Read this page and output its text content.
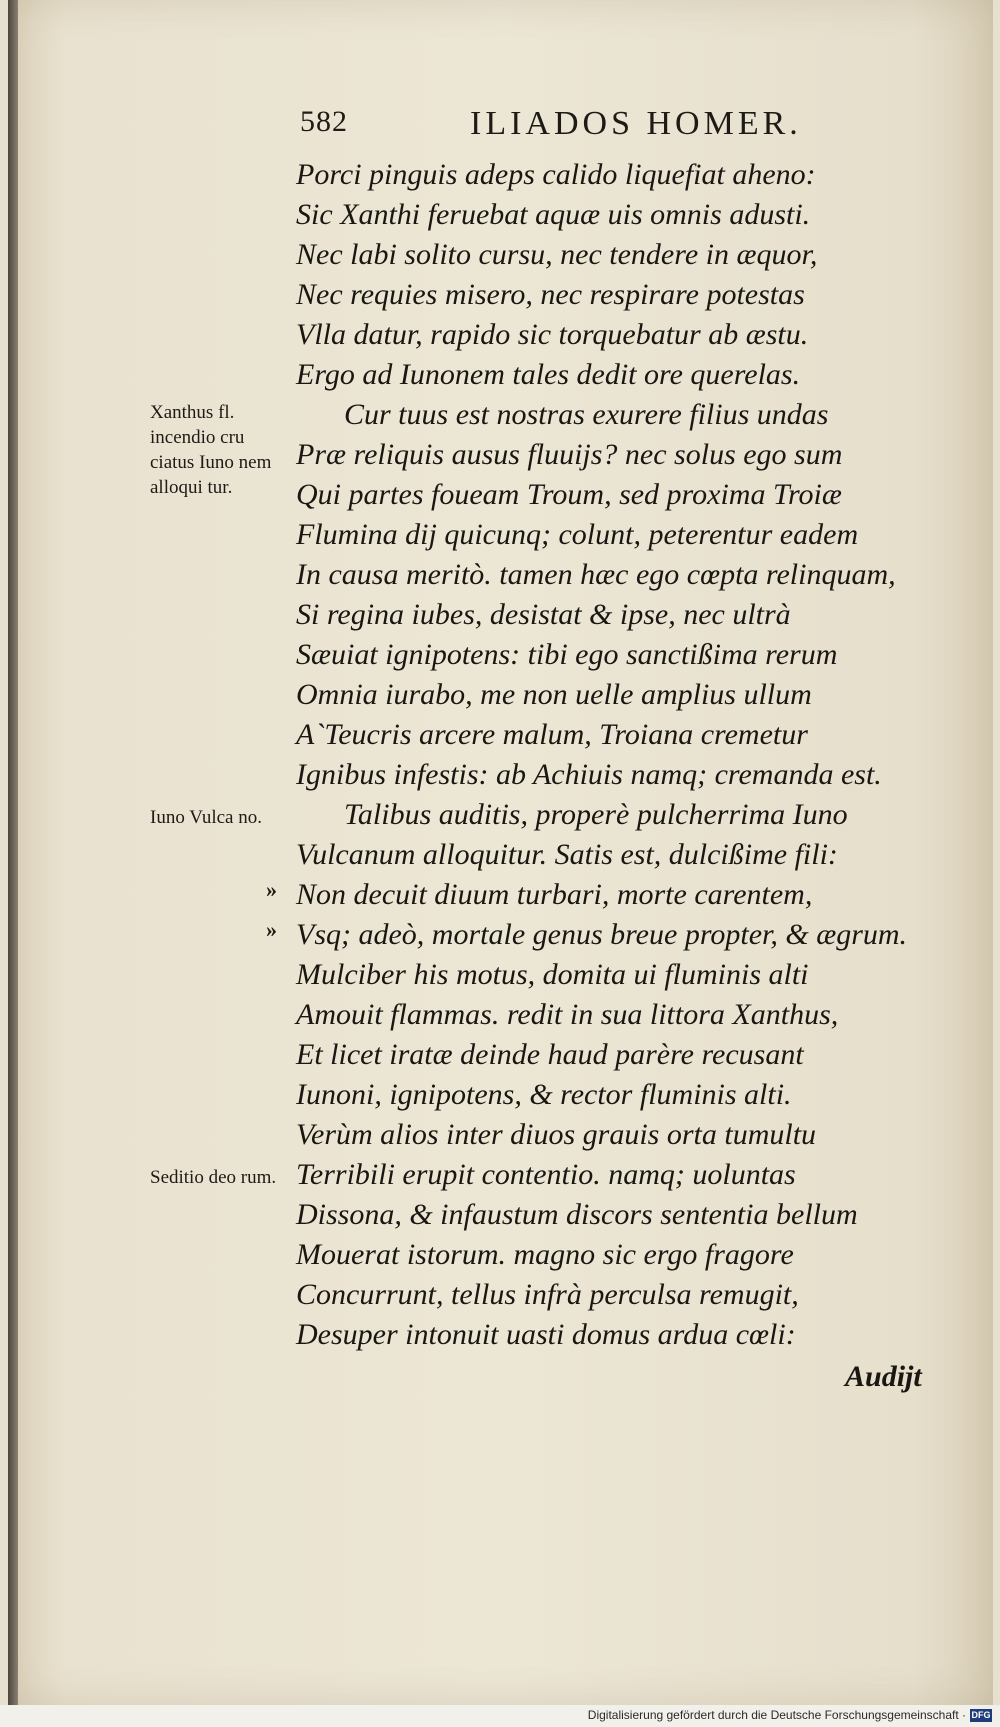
582	ILIADOS HOMER.
Xanthus fl. incendio cru ciatus Iuno nem alloqui tur.
Iuno Vulca no.
Seditio deo rum.
»
»
Porci pinguis adeps calido liquefiat aheno:
Sic Xanthi feruebat aquæ uis omnis adusti.
Nec labi solito cursu, nec tendere in æquor,
Nec requies misero, nec respirare potestas
Vlla datur, rapido sic torquebatur ab æstu.
Ergo ad Iunonem tales dedit ore querelas.
Cur tuus est nostras exurere filius undas
Præ reliquis ausus fluuijs? nec solus ego sum
Qui partes foueam Troum, sed proxima Troiæ
Flumina dij quicunq; colunt, peterentur eadem
In causa meritò. tamen hæc ego cœpta relinquam,
Si regina iubes, desistat & ipse, nec ultrà
Sæuiat ignipotens: tibi ego sanctißima rerum
Omnia iurabo, me non uelle amplius ullum
A`Teucris arcere malum, Troiana cremetur
Ignibus infestis: ab Achiuis namq; cremanda est.
Talibus auditis, properè pulcherrima Iuno
Vulcanum alloquitur. Satis est, dulcißime fili:
Non decuit diuum turbari, morte carentem,
Vsq; adeò, mortale genus breue propter, & ægrum.
Mulciber his motus, domita ui fluminis alti
Amouit flammas. redit in sua littora Xanthus,
Et licet iratæ deinde haud parère recusant
Iunoni, ignipotens, & rector fluminis alti.
Verùm alios inter diuos grauis orta tumultu
Terribili erupit contentio. namq; uoluntas
Dissona, & infaustum discors sententia bellum
Mouerat istorum. magno sic ergo fragore
Concurrunt, tellus infrà perculsa remugit,
Desuper intonuit uasti domus ardua cœli:
Audijt
Digitalisierung gefördert durch die Deutsche Forschungsgemeinschaft · DFG
